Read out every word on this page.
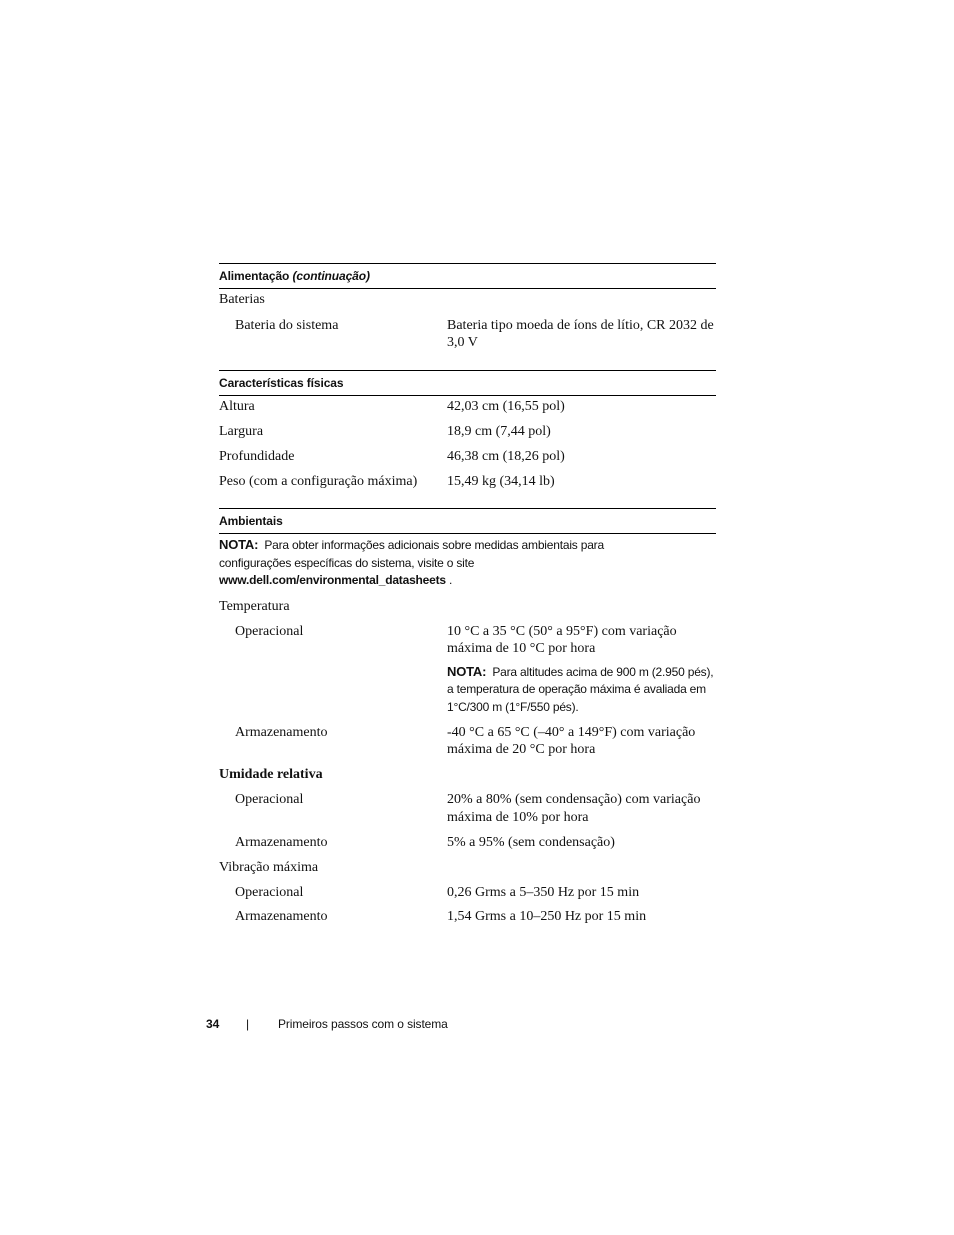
Alimentação (continuação)
Baterias
Bateria do sistema	Bateria tipo moeda de íons de lítio, CR 2032 de 3,0 V
Características físicas
Altura	42,03 cm (16,55 pol)
Largura	18,9 cm (7,44 pol)
Profundidade	46,38 cm (18,26 pol)
Peso (com a configuração máxima)	15,49 kg (34,14 lb)
Ambientais
NOTA: Para obter informações adicionais sobre medidas ambientais para configurações específicas do sistema, visite o site
www.dell.com/environmental_datasheets .
Temperatura
Operacional	10 °C a 35 °C (50° a 95°F) com variação máxima de 10 °C por hora
NOTA: Para altitudes acima de 900 m (2.950 pés), a temperatura de operação máxima é avaliada em 1°C/300 m (1°F/550 pés).
Armazenamento	-40 °C a 65 °C (–40° a 149°F) com variação máxima de 20 °C por hora
Umidade relativa
Operacional	20% a 80% (sem condensação) com variação máxima de 10% por hora
Armazenamento	5% a 95% (sem condensação)
Vibração máxima
Operacional	0,26 Grms a 5–350 Hz por 15 min
Armazenamento	1,54 Grms a 10–250 Hz por 15 min
34	|	Primeiros passos com o sistema
